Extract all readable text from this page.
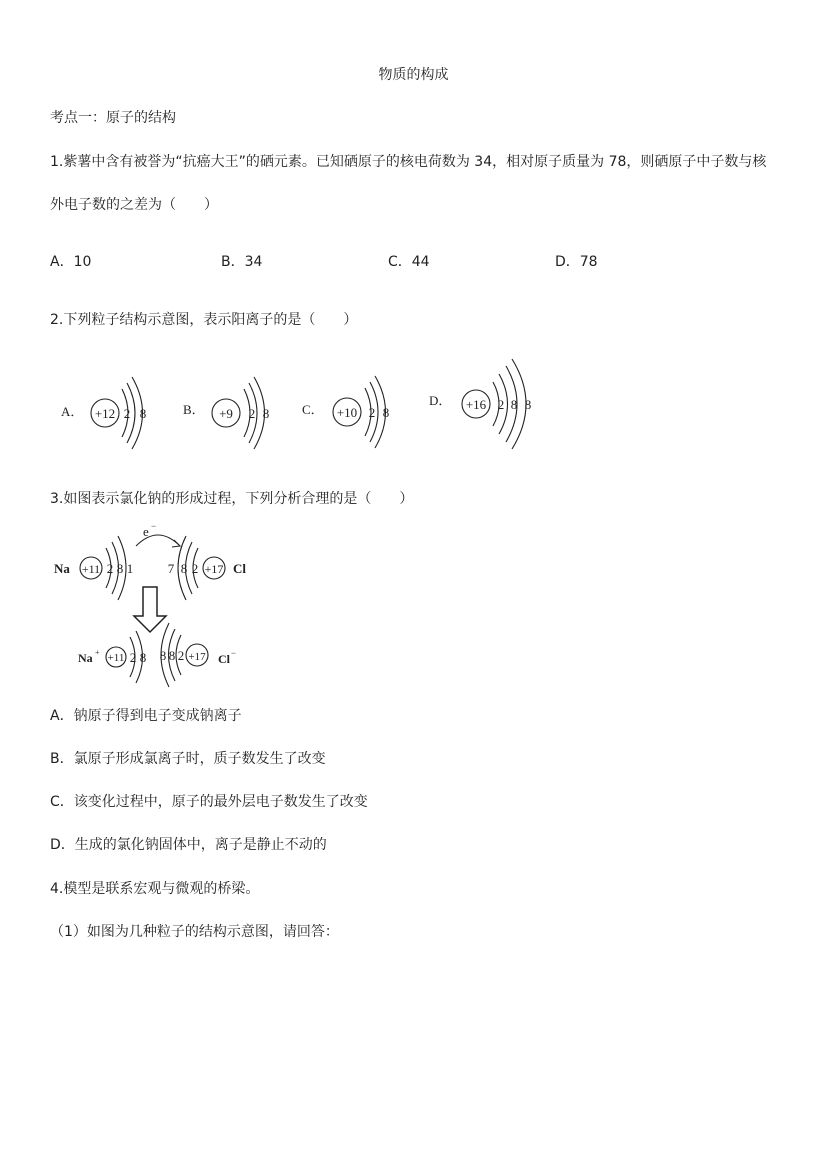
物质的构成
考点一：原子的结构
1.紫薯中含有被誉为“抗癌大王”的硒元素。已知硒原子的核电荷数为 34，相对原子质量为 78，则硒原子中子数与核
外电子数的之差为（　　）
A．10	B．34	C．44	D．78
2.下列粒子结构示意图，表示阳离子的是（　　）
A． +12 2 8	B． +9 2 8	C． +10 2 8
D． +16 2 8 8
3.如图表示氯化钠的形成过程，下列分析合理的是（　　）
e −
Na +11 2 8 1	7 8 2 +17 Cl
Na + +11 2 8 8 8 2 +17 Cl −
A．钠原子得到电子变成钠离子
B．氯原子形成氯离子时，质子数发生了改变
C．该变化过程中，原子的最外层电子数发生了改变
D．生成的氯化钠固体中，离子是静止不动的
4.模型是联系宏观与微观的桥梁。
（1）如图为几种粒子的结构示意图，请回答：
